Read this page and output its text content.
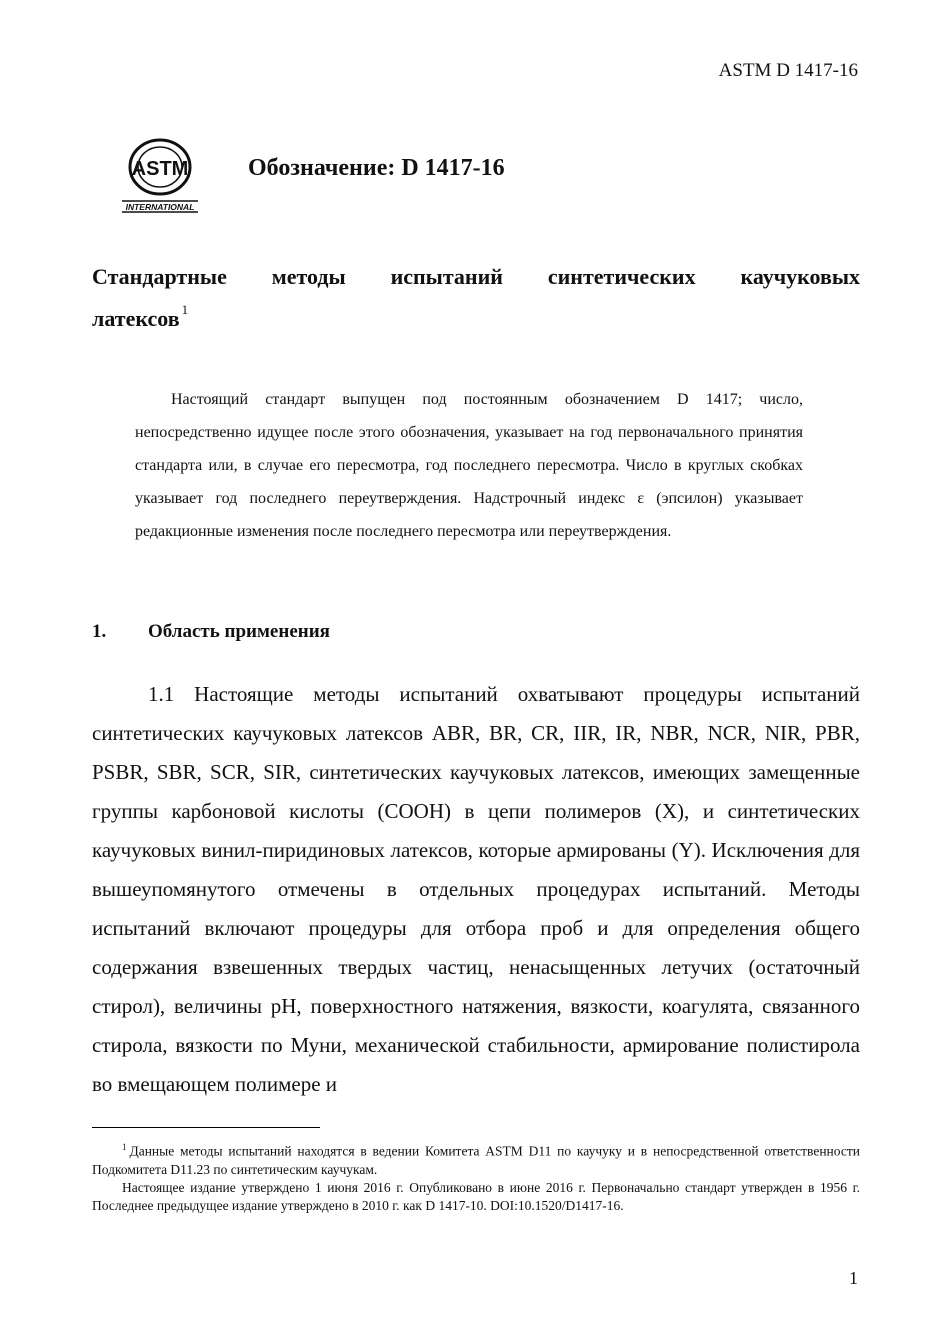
ASTM D 1417-16
ASTM
INTERNATIONAL
Обозначение: D 1417-16
Стандартные методы испытаний синтетических каучуковых
латексов $^1$

Настоящий стандарт выпущен под постоянным обозначением D 1417; число, непосредственно идущее после этого обозначения, указывает на год первоначального принятия стандарта или, в случае его пересмотра, год последнего пересмотра. Число в круглых скобках указывает год последнего переутверждения. Надстрочный индекс ε (эпсилон) указывает редакционные изменения после последнего пересмотра или переутверждения.

1. Область применения

1.1 Настоящие методы испытаний охватывают процедуры испытаний синтетических каучуковых латексов ABR, BR, CR, IIR, IR, NBR, NCR, NIR, PBR, PSBR, SBR, SCR, SIR, синтетических каучуковых латексов, имеющих замещенные группы карбоновой кислоты (COOH) в цепи полимеров (X), и синтетических каучуковых винил-пиридиновых латексов, которые армированы (Y). Исключения для вышеупомянутого отмечены в отдельных процедурах испытаний. Методы испытаний включают процедуры для отбора проб и для определения общего содержания взвешенных твердых частиц, ненасыщенных летучих (остаточный стирол), величины pH, поверхностного натяжения, вязкости, коагулята, связанного стирола, вязкости по Муни, механической стабильности, армирование полистирола во вмещающем полимере и

$^1$ Данные методы испытаний находятся в ведении Комитета ASTM D11 по каучуку и в непосредственной ответственности Подкомитета D11.23 по синтетическим каучукам.

Настоящее издание утверждено 1 июня 2016 г. Опубликовано в июне 2016 г. Первоначально стандарт утвержден в 1956 г. Последнее предыдущее издание утверждено в 2010 г. как D 1417-10. DOI:10.1520/D1417-16.

1
